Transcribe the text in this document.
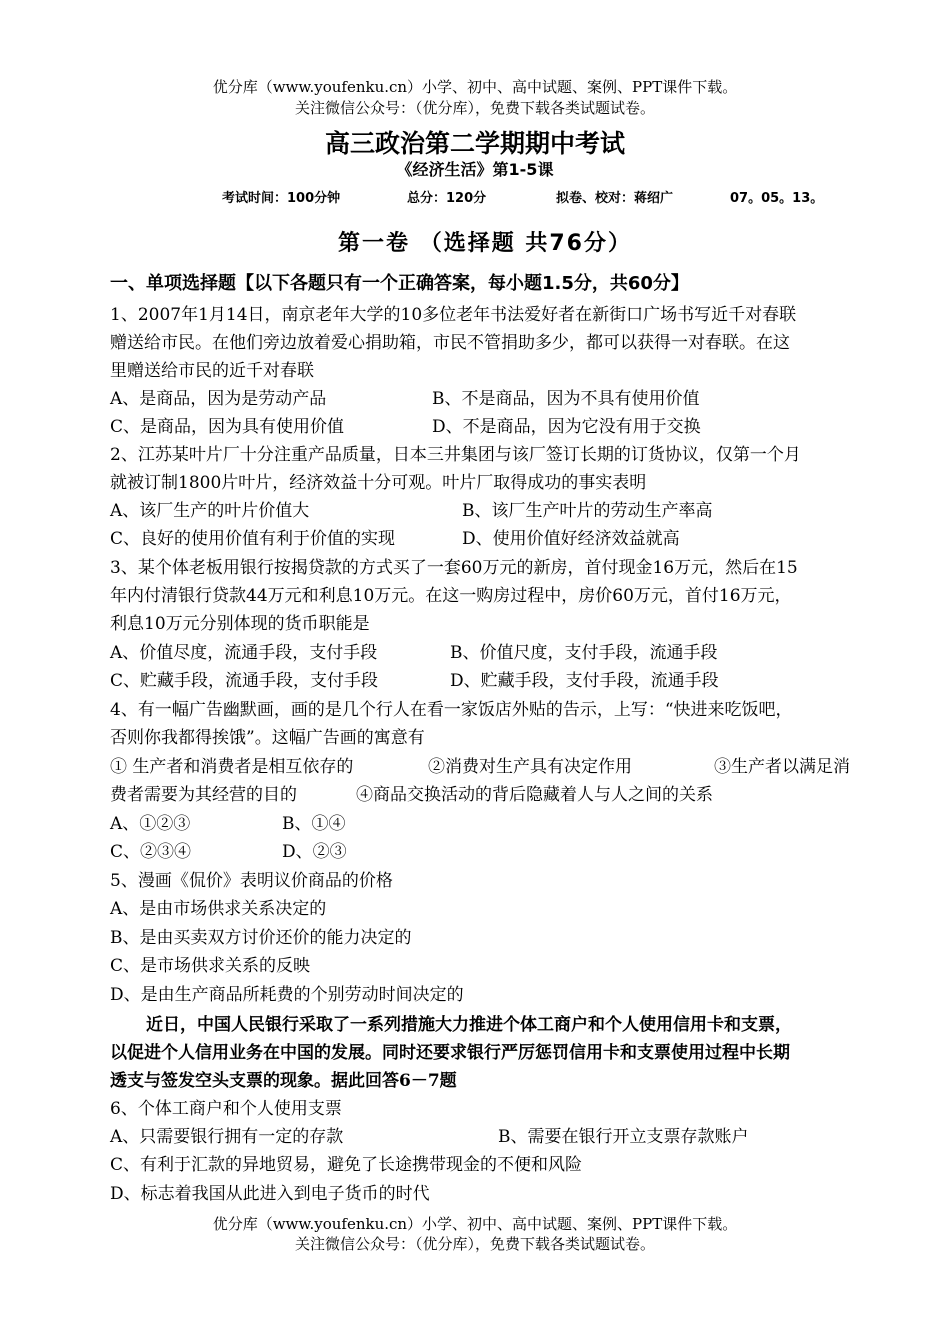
优分库（www.youfenku.cn）小学、初中、高中试题、案例、PPT课件下载。
关注微信公众号：（优分库），免费下载各类试题试卷。
高三政治第二学期期中考试
《经济生活》第1-5课
考试时间：100分钟	总分：120分	拟卷、校对：蒋绍广	07。05。13。
第一卷 （选择题 共76分）
一、单项选择题【以下各题只有一个正确答案，每小题1.5分，共60分】
1、2007年1月14日，南京老年大学的10多位老年书法爱好者在新街口广场书写近千对春联
赠送给市民。在他们旁边放着爱心捐助箱，市民不管捐助多少，都可以获得一对春联。在这
里赠送给市民的近千对春联
A、是商品，因为是劳动产品	B、不是商品，因为不具有使用价值
C、是商品，因为具有使用价值	D、不是商品，因为它没有用于交换
2、江苏某叶片厂十分注重产品质量，日本三井集团与该厂签订长期的订货协议，仅第一个月
就被订制1800片叶片，经济效益十分可观。叶片厂取得成功的事实表明
A、该厂生产的叶片价值大	B、该厂生产叶片的劳动生产率高
C、良好的使用价值有利于价值的实现	D、使用价值好经济效益就高
3、某个体老板用银行按揭贷款的方式买了一套60万元的新房，首付现金16万元，然后在15
年内付清银行贷款44万元和利息10万元。在这一购房过程中，房价60万元，首付16万元，
利息10万元分别体现的货币职能是
A、价值尽度，流通手段，支付手段	B、价值尺度，支付手段，流通手段
C、贮藏手段，流通手段，支付手段	D、贮藏手段，支付手段，流通手段
4、有一幅广告幽默画，画的是几个行人在看一家饭店外贴的告示，上写：“快进来吃饭吧，
否则你我都得挨饿”。这幅广告画的寓意有
① 生产者和消费者是相互依存的	②消费对生产具有决定作用	③生产者以满足消
费者需要为其经营的目的	④商品交换活动的背后隐藏着人与人之间的关系
A、①②③	B、①④
C、②③④	D、②③
5、漫画《侃价》表明议价商品的价格
A、是由市场供求关系决定的
B、是由买卖双方讨价还价的能力决定的
C、是市场供求关系的反映
D、是由生产商品所耗费的个别劳动时间决定的
近日，中国人民银行采取了一系列措施大力推进个体工商户和个人使用信用卡和支票，
以促进个人信用业务在中国的发展。同时还要求银行严厉惩罚信用卡和支票使用过程中长期
透支与签发空头支票的现象。据此回答6－7题
6、个体工商户和个人使用支票
A、只需要银行拥有一定的存款	B、需要在银行开立支票存款账户
C、有利于汇款的异地贸易，避免了长途携带现金的不便和风险
D、标志着我国从此进入到电子货币的时代
优分库（www.youfenku.cn）小学、初中、高中试题、案例、PPT课件下载。
关注微信公众号：（优分库），免费下载各类试题试卷。
